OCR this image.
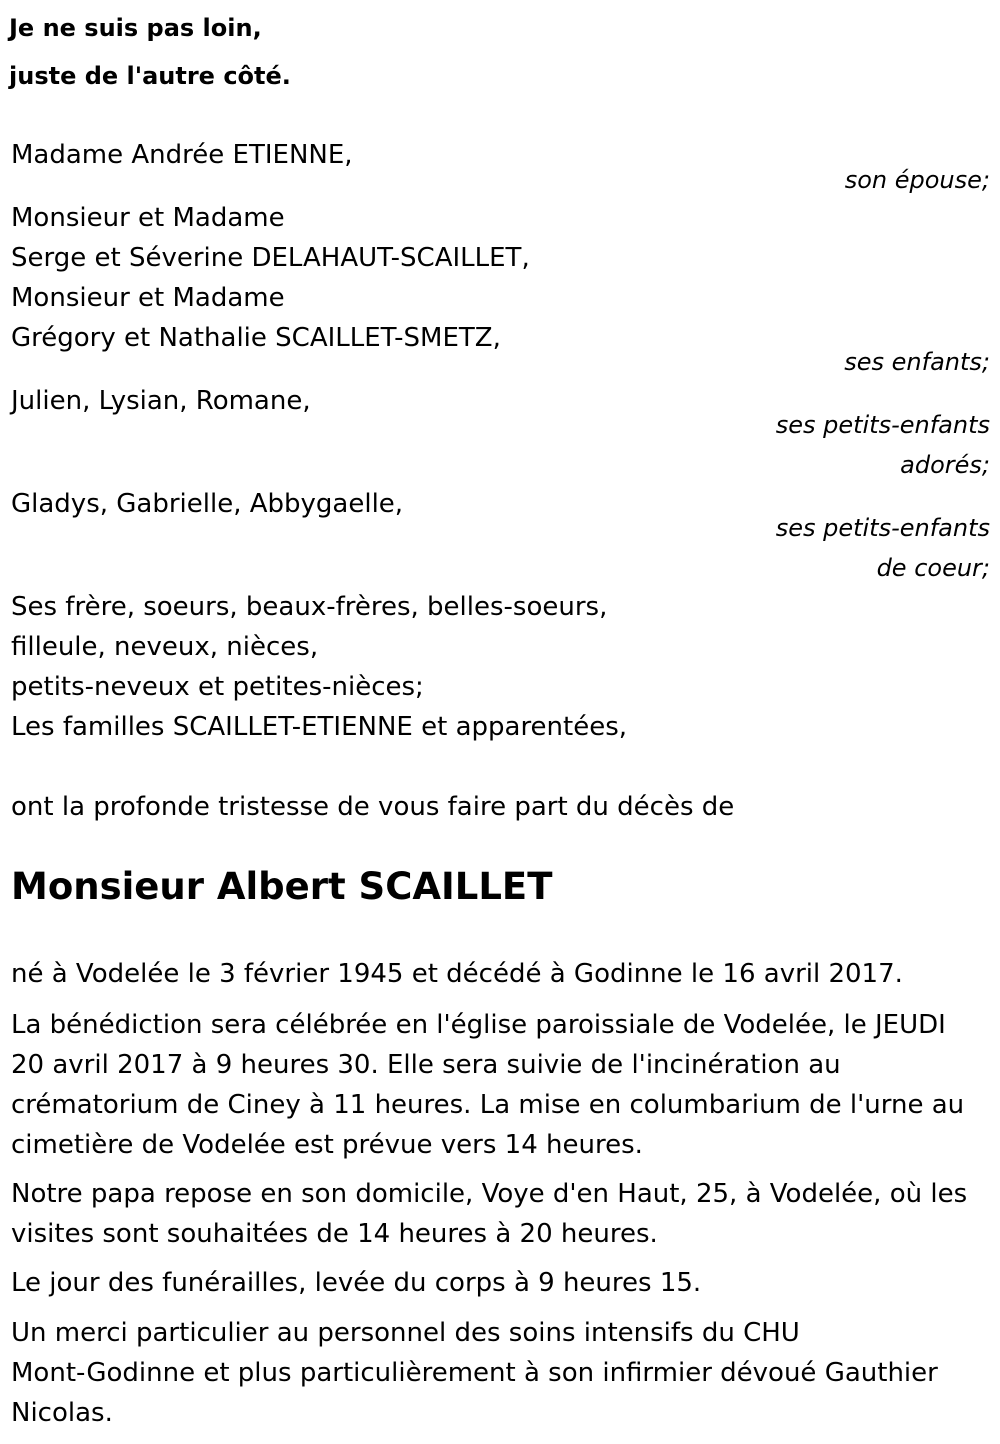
Je ne suis pas loin,
juste de l'autre côté.
Madame Andrée ETIENNE,
son épouse;
Monsieur et Madame
Serge et Séverine DELAHAUT-SCAILLET,
Monsieur et Madame
Grégory et Nathalie SCAILLET-SMETZ,
ses enfants;
Julien, Lysian, Romane,
ses petits-enfants
adorés;
Gladys, Gabrielle, Abbygaelle,
ses petits-enfants
de coeur;
Ses frère, soeurs, beaux-frères, belles-soeurs,
filleule, neveux, nièces,
petits-neveux et petites-nièces;
Les familles SCAILLET-ETIENNE et apparentées,
ont la profonde tristesse de vous faire part du décès de
Monsieur Albert SCAILLET
né à Vodelée le 3 février 1945 et décédé à Godinne le 16 avril 2017.
La bénédiction sera célébrée en l'église paroissiale de Vodelée, le JEUDI
20 avril 2017 à 9 heures 30. Elle sera suivie de l'incinération au
crématorium de Ciney à 11 heures. La mise en columbarium de l'urne au
cimetière de Vodelée est prévue vers 14 heures.
Notre papa repose en son domicile, Voye d'en Haut, 25, à Vodelée, où les
visites sont souhaitées de 14 heures à 20 heures.
Le jour des funérailles, levée du corps à 9 heures 15.
Un merci particulier au personnel des soins intensifs du CHU
Mont-Godinne et plus particulièrement à son infirmier dévoué Gauthier
Nicolas.
